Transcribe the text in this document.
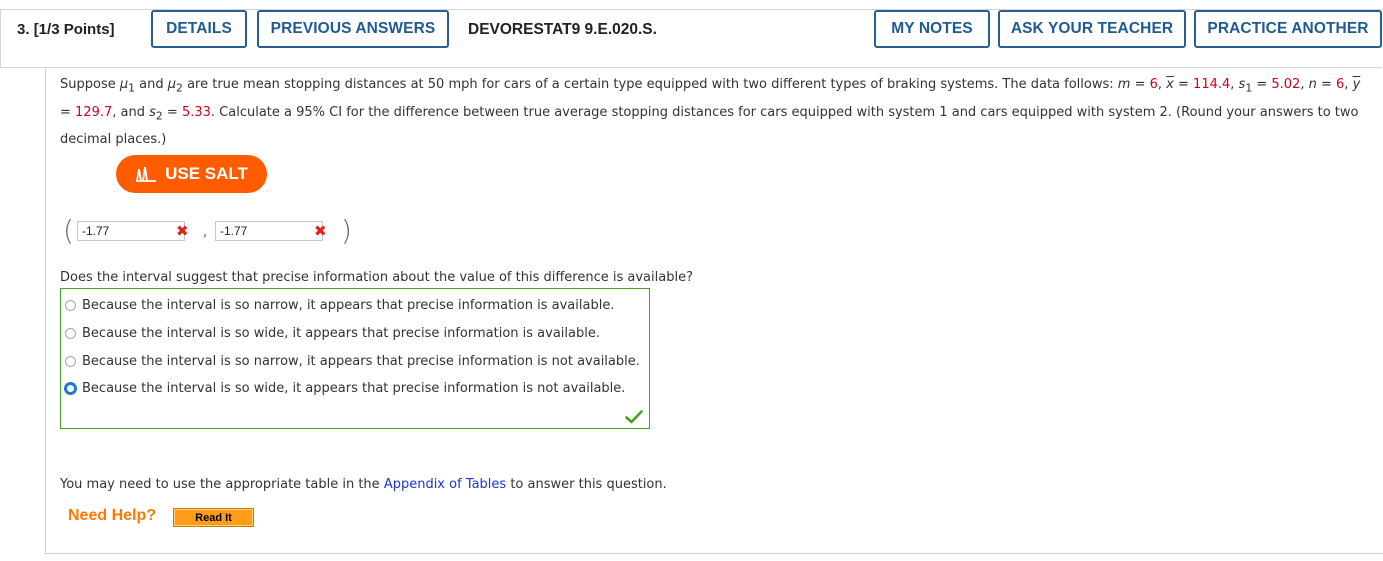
3. [1/3 Points]	DETAILS	PREVIOUS ANSWERS	DEVORESTAT9 9.E.020.S.	MY NOTES	ASK YOUR TEACHER	PRACTICE ANOTHER
Suppose $\mu_1$ and $\mu_2$ are true mean stopping distances at 50 mph for cars of a certain type equipped with two different types of braking systems. The data follows: m = 6, $\overline{x} = 114.4$, $s_1 = 5.02$, n = 6, $\overline{y} = 129.7$, and $s_2 = 5.33$. Calculate a 95% CI for the difference between true average stopping distances for cars equipped with system 1 and cars equipped with system 2. (Round your answers to two decimal places.)
USE SALT
( -1.77	✖ ,	-1.77	✖ )
Does the interval suggest that precise information about the value of this difference is available?
Because the interval is so narrow, it appears that precise information is available.
Because the interval is so wide, it appears that precise information is available.
Because the interval is so narrow, it appears that precise information is not available.
Because the interval is so wide, it appears that precise information is not available.
You may need to use the appropriate table in the Appendix of Tables to answer this question.
Need Help?	Read It
